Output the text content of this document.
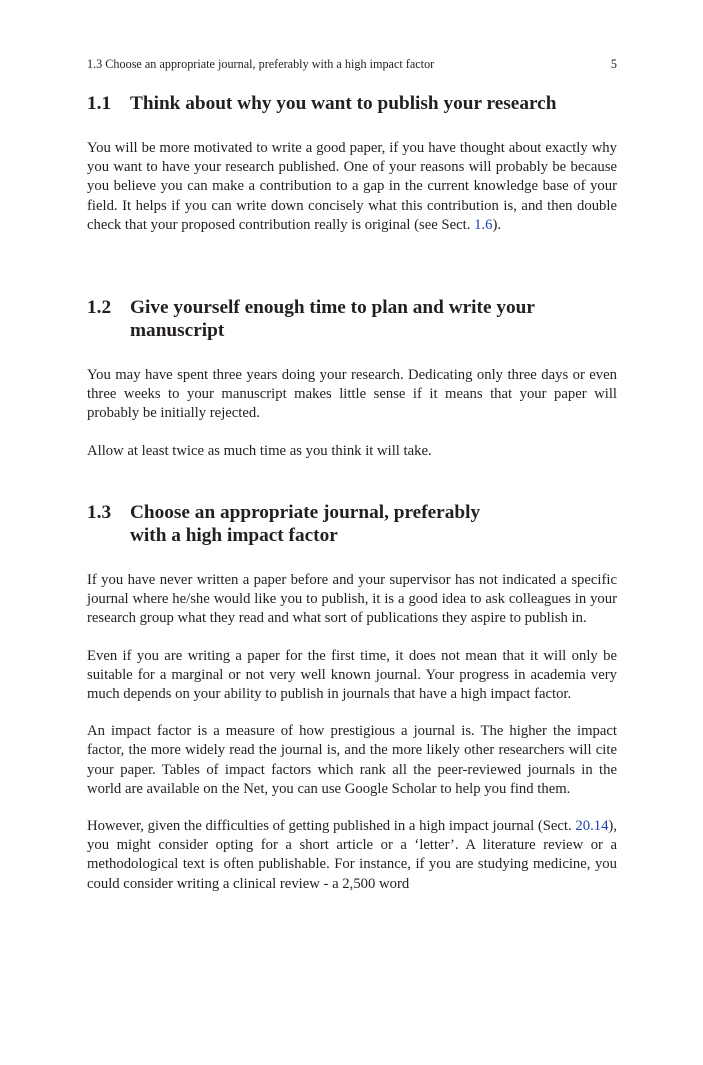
1.3 Choose an appropriate journal, preferably with a high impact factor	5
1.1 Think about why you want to publish your research

You will be more motivated to write a good paper, if you have thought about exactly why you want to have your research published. One of your reasons will probably be because you believe you can make a contribution to a gap in the current knowledge base of your field. It helps if you can write down concisely what this contribution is, and then double check that your proposed contribution really is original (see Sect. 1.6).

1.2 Give yourself enough time to plan and write your manuscript

You may have spent three years doing your research. Dedicating only three days or even three weeks to your manuscript makes little sense if it means that your paper will probably be initially rejected.

Allow at least twice as much time as you think it will take.

1.3 Choose an appropriate journal, preferably with a high impact factor

If you have never written a paper before and your supervisor has not indicated a specific journal where he/she would like you to publish, it is a good idea to ask colleagues in your research group what they read and what sort of publications they aspire to publish in.

Even if you are writing a paper for the first time, it does not mean that it will only be suitable for a marginal or not very well known journal. Your progress in academia very much depends on your ability to publish in journals that have a high impact factor.

An impact factor is a measure of how prestigious a journal is. The higher the impact factor, the more widely read the journal is, and the more likely other researchers will cite your paper. Tables of impact factors which rank all the peer-reviewed journals in the world are available on the Net, you can use Google Scholar to help you find them.

However, given the difficulties of getting published in a high impact journal (Sect. 20.14), you might consider opting for a short article or a ‘letter’. A literature review or a methodological text is often publishable. For instance, if you are studying medicine, you could consider writing a clinical review - a 2,500 word
